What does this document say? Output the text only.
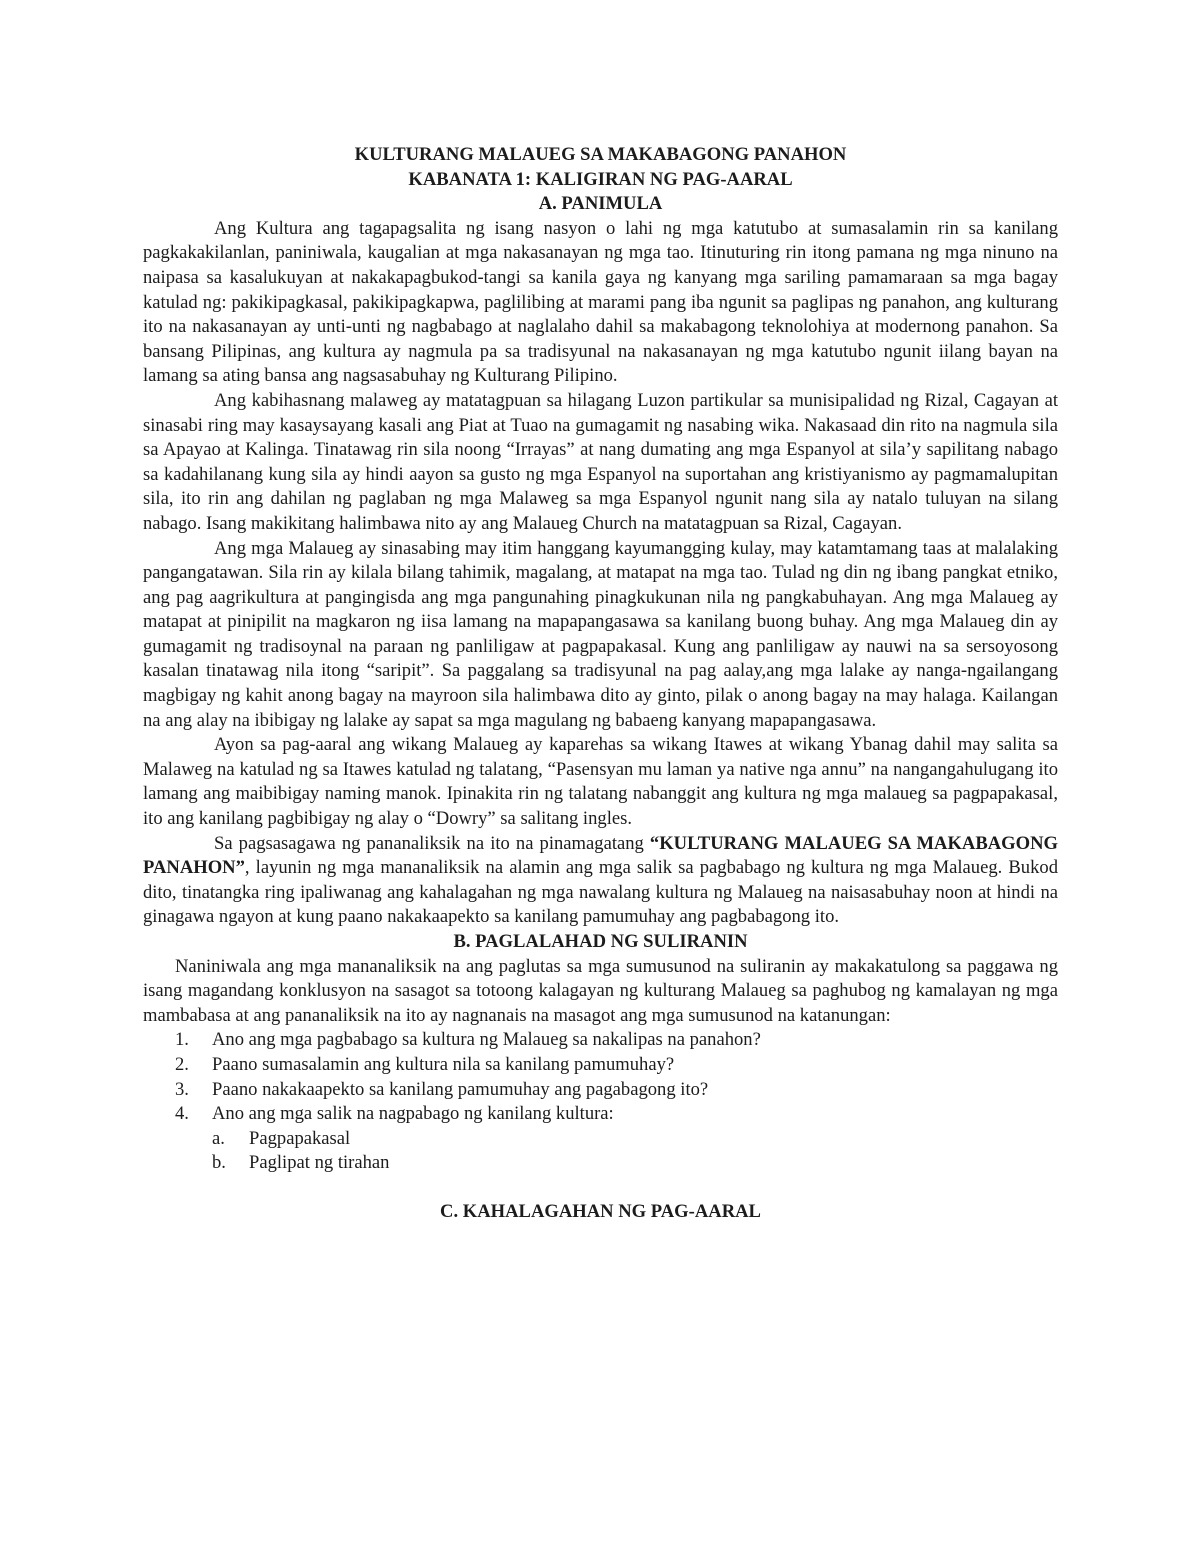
KULTURANG MALAUEG SA MAKABAGONG PANAHON

KABANATA 1: KALIGIRAN NG PAG-AARAL

A. PANIMULA

Ang Kultura ang tagapagsalita ng isang nasyon o lahi ng mga katutubo at sumasalamin rin sa kanilang pagkakakilanlan, paniniwala, kaugalian at mga nakasanayan ng mga tao. Itinuturing rin itong pamana ng mga ninuno na naipasa sa kasalukuyan at nakakapagbukod-tangi sa kanila gaya ng kanyang mga sariling pamamaraan sa mga bagay katulad ng: pakikipagkasal, pakikipagkapwa, paglilibing at marami pang iba ngunit sa paglipas ng panahon, ang kulturang ito na nakasanayan ay unti-unti ng nagbabago at naglalaho dahil sa makabagong teknolohiya at modernong panahon. Sa bansang Pilipinas, ang kultura ay nagmula pa sa tradisyunal na nakasanayan ng mga katutubo ngunit iilang bayan na lamang sa ating bansa ang nagsasabuhay ng Kulturang Pilipino.

Ang kabihasnang malaweg ay matatagpuan sa hilagang Luzon partikular sa munisipalidad ng Rizal, Cagayan at sinasabi ring may kasaysayang kasali ang Piat at Tuao na gumagamit ng nasabing wika. Nakasaad din rito na nagmula sila sa Apayao at Kalinga. Tinatawag rin sila noong “Irrayas” at nang dumating ang mga Espanyol at sila’y sapilitang nabago sa kadahilanang kung sila ay hindi aayon sa gusto ng mga Espanyol na suportahan ang kristiyanismo ay pagmamalupitan sila, ito rin ang dahilan ng paglaban ng mga Malaweg sa mga Espanyol ngunit nang sila ay natalo tuluyan na silang nabago. Isang makikitang halimbawa nito ay ang Malaueg Church na matatagpuan sa Rizal, Cagayan.

Ang mga Malaueg ay sinasabing may itim hanggang kayumangging kulay, may katamtamang taas at malalaking pangangatawan. Sila rin ay kilala bilang tahimik, magalang, at matapat na mga tao. Tulad ng din ng ibang pangkat etniko, ang pag aagrikultura at pangingisda ang mga pangunahing pinagkukunan nila ng pangkabuhayan. Ang mga Malaueg ay matapat at pinipilit na magkaron ng iisa lamang na mapapangasawa sa kanilang buong buhay. Ang mga Malaueg din ay gumagamit ng tradisoynal na paraan ng panliligaw at pagpapakasal. Kung ang panliligaw ay nauwi na sa sersoyosong kasalan tinatawag nila itong “saripit”. Sa paggalang sa tradisyunal na pag aalay,ang mga lalake ay nanga-ngailangang magbigay ng kahit anong bagay na mayroon sila halimbawa dito ay ginto, pilak o anong bagay na may halaga. Kailangan na ang alay na ibibigay ng lalake ay sapat sa mga magulang ng babaeng kanyang mapapangasawa.

Ayon sa pag-aaral ang wikang Malaueg ay kaparehas sa wikang Itawes at wikang Ybanag dahil may salita sa Malaweg na katulad ng sa Itawes katulad ng talatang, “Pasensyan mu laman ya native nga annu” na nangangahulugang ito lamang ang maibibigay naming manok. Ipinakita rin ng talatang nabanggit ang kultura ng mga malaueg sa pagpapakasal, ito ang kanilang pagbibigay ng alay o “Dowry” sa salitang ingles.

Sa pagsasagawa ng pananaliksik na ito na pinamagatang “KULTURANG MALAUEG SA MAKABAGONG PANAHON”, layunin ng mga mananaliksik na alamin ang mga salik sa pagbabago ng kultura ng mga Malaueg. Bukod dito, tinatangka ring ipaliwanag ang kahalagahan ng mga nawalang kultura ng Malaueg na naisasabuhay noon at hindi na ginagawa ngayon at kung paano nakakaapekto sa kanilang pamumuhay ang pagbabagong ito.

B. PAGLALAHAD NG SULIRANIN

Naniniwala ang mga mananaliksik na ang paglutas sa mga sumusunod na suliranin ay makakatulong sa paggawa ng isang magandang konklusyon na sasagot sa totoong kalagayan ng kulturang Malaueg sa paghubog ng kamalayan ng mga mambabasa at ang pananaliksik na ito ay nagnanais na masagot ang mga sumusunod na katanungan:

1. Ano ang mga pagbabago sa kultura ng Malaueg sa nakalipas na panahon?
2. Paano sumasalamin ang kultura nila sa kanilang pamumuhay?
3. Paano nakakaapekto sa kanilang pamumuhay ang pagabagong ito?
4. Ano ang mga salik na nagpabago ng kanilang kultura:
a. Pagpapakasal
b. Paglipat ng tirahan

C. KAHALAGAHAN NG PAG-AARAL
